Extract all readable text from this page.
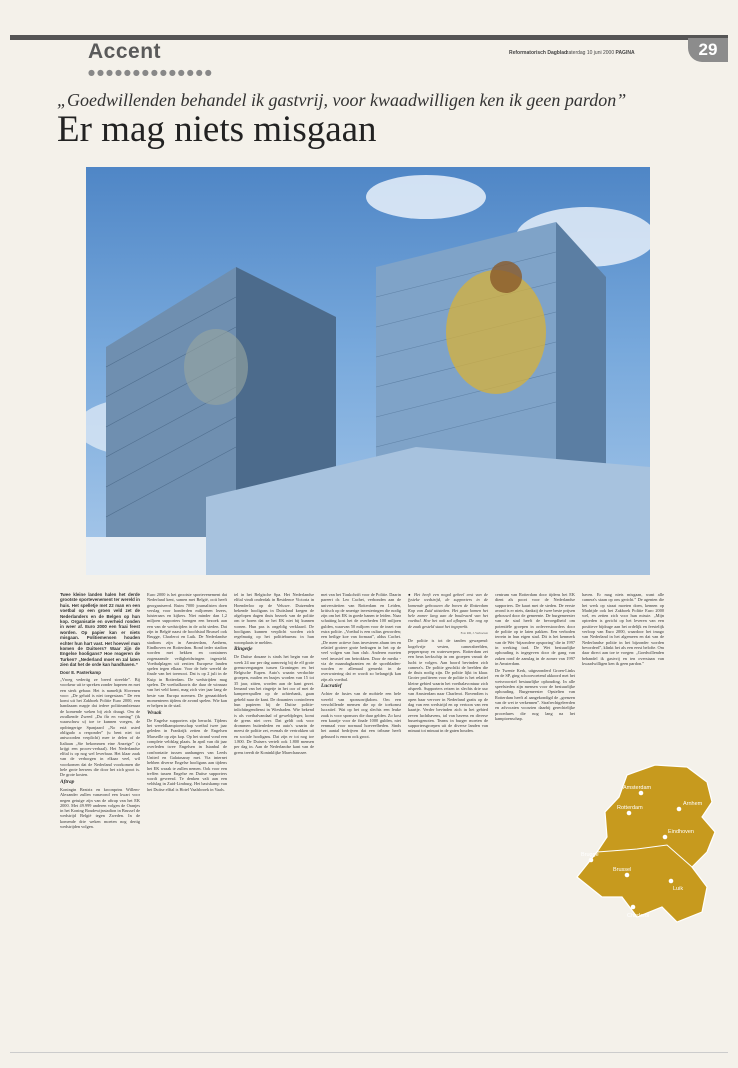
Accent
●●●●●●●●●●●●●●
Reformatorisch Dagblad
zaterdag 10 juni 2000 PAGINA	29
„Goedwillenden behandel ik gastvrij, voor kwaadwilligen ken ik geen pardon”
Er mag niets misgaan

Twee kleine landen halen het derde grootste sportevenement ter wereld in huis. Het spelletje met 22 man en een voetbal op een groen veld zet de Nederlanders en de Belgen op hun kop. Organisatie en overheid ronden in weer af. Euro 2000 een fraai feest worden. Op papier kan er niets misgaan. Politiemensen houden echter hun hart vast. Het hoevvel man komen de Duitsers? Waar zijn de Engelse hooligans? Hoe reageren de Turken? „Nederland moet en zal laten zien dat het de orde kan handhaven.”

Door E. Pasterkamp

„Vroeg vedertig ze breed streelde”. Bij voorkeur uit te spreken zonder haperen en met een sterk gebaar. Het is namelijk Slovenen voor: „De geluid is niet toegestaan.” De een komt uit het Zakboek Politie Euro 2000, een handzaam mapje dat iedere politieambtenaar de komende weken bij zich draagt. Om de zwalkende Zweed „Du får en varning” (ik waarschuw u) toe te kunnen voegen, de opdringerige Spanjaard „No está usted obligado a responder” (u bent niet tot antwoorden verplicht) mee te delen of de Italiaan „Sie bekommen eine Anzeige” (u krijgt een proces-verbaal). Het Nederlandse elftal is op nog wel leverbaar. Het klaar zaak van de verborgen in elkaar veel, wil voorkomen dat de Nederland voorkomen die hele grote hersens die door het zich groot is. De grote kosten.

Aftrap

Koningin Beatrix en kroonprins Willem-Alexander zullen vanavond een kwart voor negen getuige zijn van de aftrap van het EK 2000. Met 49.999 anderen volgen de Oranjes in het Koning Boudewijnstadion in Brussel de wedstrijd België tegen Zweden. In de komende drie weken moeten nog dertig wedstrijden volgen.

Euro 2000 is het grootste sportevenement dat Nederland kent, samen met België, ooit heeft georganiseerd. Ruim 7000 journalisten doen verslag voor honderden miljoenen lezers, luisteraars en kijkers. Niet minder dan 1,2 miljoen supporters brengen een bezoek aan een van de wedstrijden in de acht steden. Dat zijn in België naast de hoofdstad Brussel ook Brugge, Charleroi en Luik. De Nederlandse stadions zijn in Amsterdam, Arnhem, Eindhoven en Rotterdam. Rond ieder stadion worden met hekken en containers zogenaamde veiligheidsringen ingesteld. Voetbalplagen uit zestien Europese landen spelen tegen elkaar. Voor de hele wereld de finale van het toernooi. Dat is op 2 juli in de Kuip in Rotterdam. De wedstrijden mag spelen. De voetbalkoorts die daar de winnaar van het veld komt, mag zich vier jaar lang de beste van Europa noemen. De genaaiddoek momenteren tijdens de avond spelen. Wie kan er helpen in de stad.

Wraak

De Engelse supporters zijn berucht. Tijdens het wereldkampioenschap voetbal twee jaar geleden in Frankrijk zetten de Engelsen Marseille op zijn kop. Op het strand vond een complete veldslag plaats. In april van dit jaar overleden twee Engelsen in Istanbul de confrontatie tussen aanhangers van Leeds United en Galatasaray met. Via internet hebben diverse Engelse hooligans aan tijdens het EK wraak te zullen nemen. Ook voor een treffen tussen Engelse en Duitse supporters wordt gevreesd. Te denken valt aan een veldslag in Zuid-Limburg. Het basiskamp van het Duitse elftal is Hotel Vaalsbroek in Vaals.

tel in het Belgische Spa. Het Nederlandse elftal vindt onderdak in Residence Victoria in Hoenderloo op de Veluwe. Duizenden bekende hooligans in Duitsland kregen de afgelopen dagen thuis bezoek van de politie om te horen dat ze het EK niet bij kunnen wonen. Hun pas is ongeldig verklaard. De hooligans kunnen verplicht worden zich regelmatig op het politiebureau in hun woonplaats te melden.

Ringetje

De Duitse douane is sinds het begin van de week 24 uur per dag aanwezig bij de elf grote grensovergangen tussen Groningen en het Belgische Eupen. Auto's waarin verdachte groepen, mailen en busjes worden van 15 tot 35 jaar, zitten, worden aan de kant gezet. Iemand van het ringetje in het oor of met de kampeerspullen op de achterbank, gaan gebeld naar de kant. De douaniers controleren hun papieren bij de Duitse politie-inlichtingendienst in Wiesbaden. Wie bekend is als voetbalvandaal of geweldpleger, komt de grens niet over. Dat geldt ook voor drommen buitenleden en auto's waarin de meest de politie zet, evenals de vertrokken uit en sociale hooligans. Dat zijn er tot nog toe 1.800. De Duisers vertelt ook 1.800 mensen per dag in. Aan de Nederlandse kant van de grens treedt de Koninklijke Marechaussee.

met van het Tiaskchrift voor de Politie. Daarin pareert dr. Leo Cachet, verbonden aan de universiteiten van Rotterdam en Leiden, kritisch op de smerige investeringen die nodig zijn om het EK in goede banen te leiden. Naar schatting kost het de overheden 100 miljoen gulden, waarvan 50 miljoen voor de inzet van extra politie. „Voetbal is een cultus geworden; een heilige koe van formaat”, aldus Cachet. „De meer actieve fans investeren ahum ten en relatief grotere grote bedragen in het op de veel volgen van hun club. Anderen moeten veel invasief om betrokken. Door de media -via de maandagkranten en de sportbladen- worden er allemaal gemerkt in de overwatering dat er wordt zo belangrijk kan zijn als voetbal.

Lucratief

Achter de fusies van de mobiele een hele wereld van sponsorrijkdom. Om een verschillende mensen die op de toekomst lucratief. Wat op het oog slechts een leuke zaak is voor sponsors die daar gelden. Zo kost een kaartje voor de finale 1000 gulden, niet eenmaal voor normaal hoeveelheden. Sinds het aantal bedrijven dat een tribune heeft gehuurd is enorm ook groot.

● Het heeft een nogal geheel eest van de fysieke wedstrijd, de supporters in de komende gebouwen die boven de Rotterdam Kop van Zuid uitsteken. Het gaan komen het hele zomer lang aan de boulevard van het voetbal. Hoe het ook zal aflopen. De oog op de zaak gesteld staat het ingeperkt.

Foto RD, J. Verhoeven

De politie is tot de tanden gewapend: kogelvrije vesten, camerabeelden, pepperspray en waterwerpers. Rotterdam zet een heus kerkschip in om groepen vanuit de lucht te volgen. Aan boord bevinden zich camera's. De politie geschikt de beelden die de thuis nodig zijn. De politie lijkt in klaar. Groter profiteren voor de politie is het relatief kleine gebied waarin het voetbalavontuur zich afspeelt. Supporters reizen in slechts drie uur van Amsterdam naar Charleroi. Bovendien is open baar vervoer in Nederland gratis op de dag van een wedstrijd en op vertoon van een kaartje. Verder bevinden zich in het gebied zeven luchthavens, tal van havens en diverse busreisgenoten. Teams in burger moeten de supportersgroepen uit de diverse landen van minuut tot minuut in de gaten houden.

centrum van Rotterdam door tijdens het EK dient als poort voor de Nederlandse supporters. De kaart met de steden. De eerste avond is er niets, dankzij de twee beste prijsen gebouwd door de gemeente. De burgemeester van de stad heeft de bevoegdheid om potentiële groepen in ordeverstoorders door de politie op te laten pakken. Een verboden terrein in hun eigen stad. Dit is het kenmerk van de Wet ‘bijzondere opsporing’ die in 1997 in werking trad. De Wet bestuurlijke ophouding is ingegeven door de gang van zaken rond de aanslag in de zomer van 1997 in Amsterdam.

De Twente Kerk, uitgezonderd Groen-Links en de SP, ging schoorvoetend akkoord met het wetsvoorstel bestuurlijke ophouding. In alle speelsteden zijn mensen voor de bestuurlijke ophouding. Burgemeester Opstelten van Rotterdam heeft al aangekondigd de „grenzen van de wet te verkennen”. Strafrechtgeleerden en advocaten voorzien daarbij gerechtelijke procedures die nog lang na het kampioenschap.

haven. Er mag niets misgaan, want alle camera's staan op ons gericht.” De agenten die het werk op straat moeten doen, kennen op Madrijde ook het Zakboek Politie Euro 2000 wel, en zetten zich voor hun missie. „Mijn optreden is gericht op het leveren van een positieve bijdrage aan het ordelijk en feestelijk verloop van Euro 2000, waardoor het imago van Nederland in het algemeen en dat van de Nederlandse politie in het bijzonder worden bevorderd”, klinkt het als een eerst belofte. Om daar direct aan toe te voegen: „Goedwillenden behandel ik gastvrij en ten overstaan van kwaadwilligen ken ik geen pardon.”

Amsterdam
Rotterdam
Arnhem
Eindhoven
Brugge
Brussel
Luik
Charleroi
